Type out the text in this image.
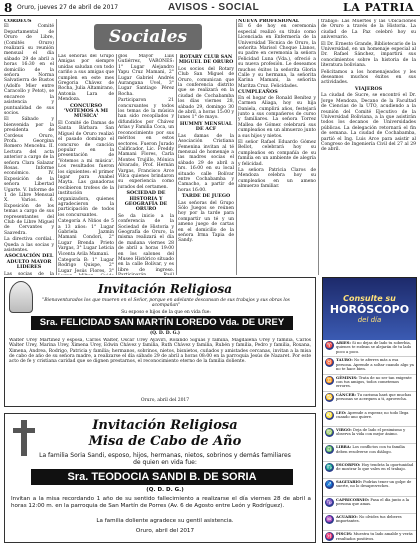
8 Oruro, jueves 27 de abril de 2017	AVISOS - SOCIAL	LA PATRIA
CORDEUS

El Comité Departamental de Oruro de Libre, (Comités Oruro) realizará su reunión mensual el día sábado 29 de abril a horas 16:30 en el domicilio de la señora Norma Salvatierra de Bustos (Adolfo Mier entre Caracollo y Petot), se encarece la asistencia y puntualidad de sus socios.

El Sábado y bienvenida por la presidenta de Cordeus Oruro, Profa. Georgina Romero Mencehu. II. Lectura del acta anterior a cargo de la señora Clara Salazar Rosas. Informe económico. IV. Exposición de la señora Libertad Ugarte. V. Informe de 1 de Libre Mensual X. Varios. 6. Exposición de los temas a cargo de sus representantes del Club de Libre Miguel de Cervantes y Saavedra.

La directiva cordial.. Queda a las socias y asistentes.

ASOCIACIÓN DEL ADULTO MAYOR LIDERES

Las socias de la

Sociales

Las señoras del Grupo Amigas por siempre unidas saludan con todo cariño a sus amigas que cumplen en este mes Gregoria Chávez de Rocha, Julia Altamirano, Antonia Lara de Mendoza.

CONCURSO 'VOTEMOS A MI MÚSICA'

El Comité de Damas de Santa Bárbara San Miguel de Oruro realizó el pasado domingo el concurso de canción popular en la presentación de 'Votemos a mi música'. Los resultados fueron los siguientes: el primer lugar para Anabel Mayta. Las ganadoras recibieron trofeos de la institución organizadora, quienes agradecieron la participación de todos los concursantes.

Categoría A Niños de 5 a 13 años: 1° Lugar Gabriela Jazmín Mamani Condori, 2° Lugar Brenda Prieto Vargas, 3° Lugar Leticia Vicenta Avila Mamani.

Categoría B: 1° Lugar Rodrigo Quispe, 2° Lugar Jesús Flores, 3°

glos Mayor Luis Gutiérrez, VARONES: 1° Lugar Alejandro Yapu Cruz Mamani, 2° Lugar Gabriel Andrés Aurangana Uvel, 3° Lugar Santiago Pérez Rocha.

Participaron 21 concursantes y todos los temas de la música han sido recopilados y difundidos por Chávez Arias y Familia Coca, un reconocimiento por sus méritos en estos sectores. Fueron Jurado Calificador, Lic. Freddy Mamani Flores, Carla Montes Trujillo, Mónica Alvarado, Prof. Hernán Vargas, Francisco Arce Vilca quienes brindaron su experiencia como jurados del certamen.

SOCIEDAD DE HISTORIA Y GEOGRAFÍA DE ORURO

Se da inicio a la conferencia de la Sociedad de Historia y Geografía de Oruro, la misma realizará el día de mañana viernes 28 de abril a horas 19:00 en los salones del Museo Histórico situado en la calle Bolívar, y es libre de ingreso.

ROTARY CLUB SAN MIGUEL DE ORURO

Los socios del Rotary Club San Miguel de Oruro, comunican que la conferencia distrito que se realizará en la ciudad de Cochabamba los días viernes 28, sábado 29, domingo 30 de abril, a horas 15:00 y lunes 1° de mayo.

HUMMY MENSUAL DE ACF

Las damas de la Asociación Cristiana Femenina invitan al té mensual de homenaje a las madres socias el sábado 29 de abril a hrs. 16:00 en su local situado calle Bolívar entre Cochabamba y Camacho, a partir de horas 16:00.

TARDE DE JUEGO

Las señoras del Grupo Sólo Juegos se reúnen hoy por la tarde para compartir un té y un ameno juego de cartas en el domicilio de la señora Irma Tapia de Sandy.

NUEVA PROFESIONAL

El 6 de hoy en ceremonia especial realizó su título como Licenciada en Enfermería de la Universidad Técnica de Oruro, la señorita Marisol Choque Llanos, su padre en ceremonia la señora Felicidad Luna (Vda.), ofreció a su nueva profesión. Le deseamos muchos éxitos la señorita Gloria Calle y su hermana, la señorita Karina Mamani, la señorita Maritza Cruz. Felicidades.

CUMPLEAÑOS

En el hogar de Ronald Benítez y Carmen Aliaga, hoy su hija Daniela, cumplirá años, festejará junto a sus compañeros de curso y familiares. La señora Torrez Mallea de Gómez celebrará sus cumpleaños en un almuerzo junto a sus hijos y nietos.

El señor Rafael Eduardo Gómez Bellot, celebrará hoy su cumpleaños en compañía de su familia en un ambiente de alegría y felicidad.

La señora Patricia Claros de Mendoza celebra hoy su cumpleaños en un ameno almuerzo familiar.

trabajo: Las Muertes y las Ubicaciones de Oruro a través de la Historia. La ciudad de La Paz celebró hoy su aniversario.

El Dr. Ernesto Grande, Bibliotecario de la Universidad, en un homenaje especial al Dr. Rafael Sánchez, impartirá sus conocimientos sobre la historia de la literatura boliviana.

Felicitamos a los homenajeados y les deseamos muchos éxitos en sus actividades.

VIAJEROS

La ciudad de Sucre, se encontró el Dr. Jorge Mendoza, Decano de la Facultad de Ciencias de la UTO, acudiendo a la reunión del Comité Ejecutivo de la Universidad Boliviana, a la que asistirán todos los decanos de Universidades públicas. La delegación retornará el fin de semana. La ciudad de Cochabamba, partió el Ing. Luis Arce para asistir al Congreso de Ingeniería Civil del 27 al 29 de abril.

Invitación Religiosa
"Bienaventurados los que mueren en el Señor, porque en adelante descansan de sus trabajos y sus obras los acompañan"
Su esposo e hijos de la que en vida fue:
Sra. FELICIDAD SAN MARTÍN LOREDO Vda. DE UREY
(Q. D. D. G.)
Walter Urey Martínez y esposa, Carlos Walter, Oscar Urey Ayaviri, Rolando Siguas y familia, Magdalena Urey y familia, Carlos Walter Urey, Marina Urey, Ximena Urey, Edwin Chávez y familia, Ruth Chávez y familia, Rubén y familia, Pedro y familia, Roxana, Ximena, Andrea, Rodrigo, Patricia y familia; hermanos, sobrinos, nietos, bisnietos, cuñados y amistades cercanas, invitan a la misa de cabo de año de su señora madre, a realizarse el día sábado 29 de abril a horas 08:00 en la parroquia Jesús de Nazaret. Por este acto de fe y cristiana caridad que se dignen prestarnos, el reconocimiento eterno de la familia doliente.
Oruro, abril del 2017
Invitación Religiosa
Misa de Cabo de Año
La familia Soria Sandi, esposo, hijos, hermanas, nietos, sobrinos y demás familiares de quien en vida fue:
Sra. TEODOCIA SANDI B. DE SORIA
(Q. D. D. G.)
Invitan a la misa recordando 1 año de su sentido fallecimiento a realizarse el día viernes 28 de abril a horas 12:00 m. en la parroquia de San Martín de Porres (Av. 6 de Agosto entre León y Rodríguez).
La familia doliente agradece su gentil asistencia.
Oruro, abril del 2017
Consulte su
HORÓSCOPO
del día
♈ ARIES: Si no dejas de lado tu soberbia, quienes te rodean se alejarán de tu lado poco a poco.
♉ TAURO: No te aferres más a esa persona. Aprende a soltar cuando algo ya no te hace bien.
♊ GÉMINIS: Trata de no ser tan exigente con tus amigos, todos cometemos errores.
♋ CÁNCER: Tu carisma hará que muchas personas se acerquen a ti, aprovecha.
♌ LEO: Aprende a esperar, no todo llega cuando uno quiere.
♍ VIRGO: Deja de lado el pesimismo y observa la vida con mejor ánimo.
♎ LIBRA: Los conflictos con tu familia deben resolverse con diálogo.
♏ ESCORPIO: Hoy tendrás la oportunidad de mostrar lo que vales en el trabajo.
♐ SAGITARIO: Podrías tener un golpe de suerte, no lo desaproveches.
♑ CAPRICORNIO: Pasa el día junto a la persona que amas.
♒ ACUARIO: No olvides tus deberes importantes.
♓ PISCIS: Muestra tu lado amable y verás resultados positivos.
